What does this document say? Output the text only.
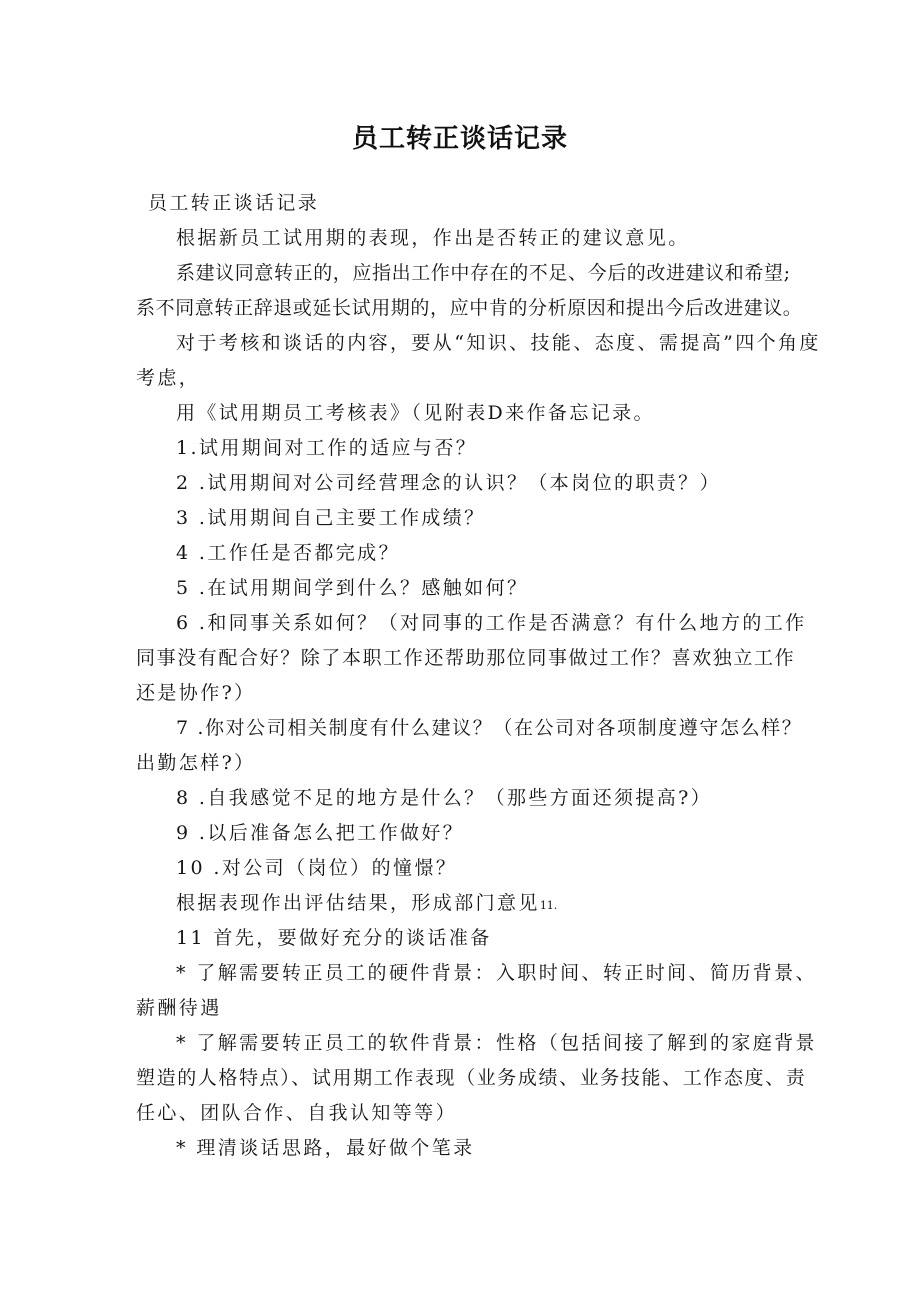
员工转正谈话记录
员工转正谈话记录
根据新员工试用期的表现，作出是否转正的建议意见。
系建议同意转正的，应指出工作中存在的不足、今后的改进建议和希望;
系不同意转正辞退或延长试用期的，应中肯的分析原因和提出今后改进建议。
对于考核和谈话的内容，要从“知识、技能、态度、需提高”四个角度
考虑，
用《试用期员工考核表》（见附表D来作备忘记录。
1.试用期间对工作的适应与否？
2 .试用期间对公司经营理念的认识？（本岗位的职责？）
3 .试用期间自己主要工作成绩？
4 .工作任是否都完成？
5 .在试用期间学到什么？感触如何？
6 .和同事关系如何？（对同事的工作是否满意？有什么地方的工作
同事没有配合好？除了本职工作还帮助那位同事做过工作？喜欢独立工作
还是协作?）
7 .你对公司相关制度有什么建议？（在公司对各项制度遵守怎么样？
出勤怎样?）
8 .自我感觉不足的地方是什么？（那些方面还须提高?）
9 .以后准备怎么把工作做好？
10 .对公司（岗位）的憧憬？
根据表现作出评估结果，形成部门意见11.
11 首先，要做好充分的谈话准备
* 了解需要转正员工的硬件背景：入职时间、转正时间、简历背景、
薪酬待遇
* 了解需要转正员工的软件背景：性格（包括间接了解到的家庭背景
塑造的人格特点）、试用期工作表现（业务成绩、业务技能、工作态度、责
任心、团队合作、自我认知等等）
* 理清谈话思路，最好做个笔录
